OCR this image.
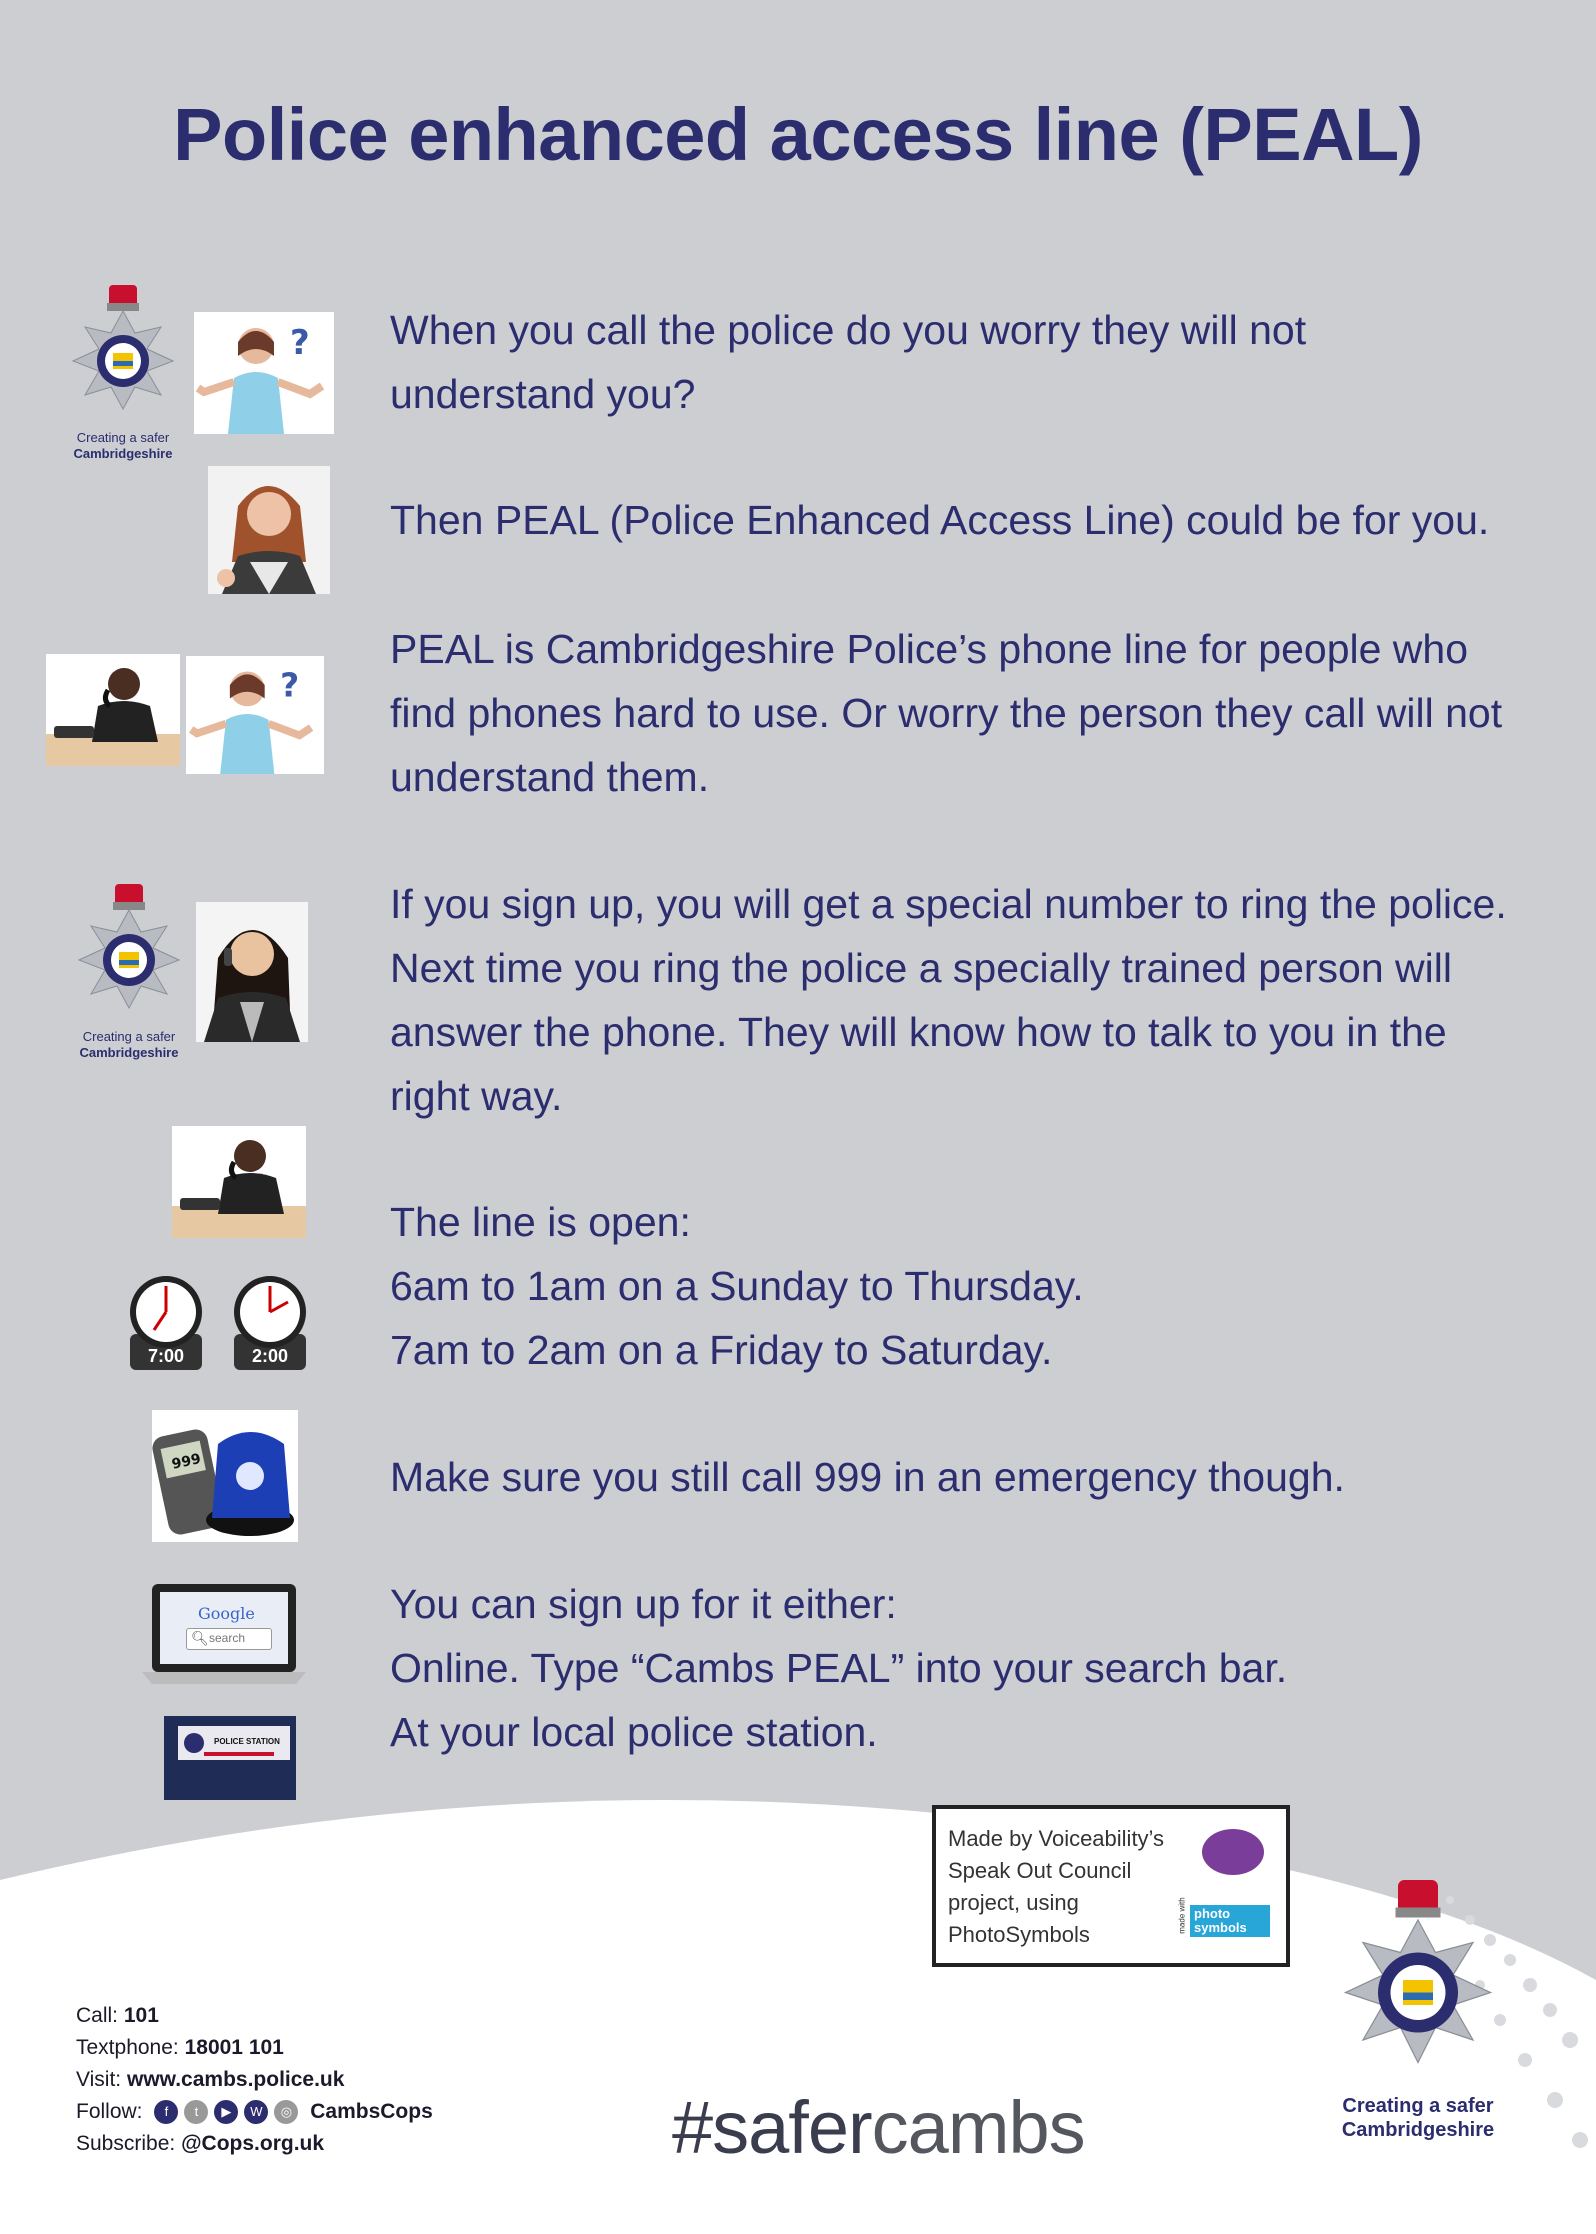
Police enhanced access line (PEAL)
Creating a safer
Cambridgeshire
? When you call the police do you worry they will not
understand you?
Then PEAL (Police Enhanced Access Line) could be for you.
?
PEAL is Cambridgeshire Police’s phone line for people who
find phones hard to use. Or worry the person they call will not
understand them.
Creating a safer
Cambridgeshire
If you sign up, you will get a special number to ring the police.
Next time you ring the police a specially trained person will
answer the phone. They will know how to talk to you in the
right way.
7:00	2:00
The line is open:
6am to 1am on a Sunday to Thursday.
7am to 2am on a Friday to Saturday.
999	Make sure you still call 999 in an emergency though.
Google
search
🔍︎
POLICE STATION
You can sign up for it either:
Online. Type “Cambs PEAL” into your search bar.
At your local police station.
Made by Voiceability’s
Speak Out Council
project, using
PhotoSymbols
made with photo symbols
Creating a safer
Cambridgeshire
Call: 101
Textphone: 18001 101
Visit: www.cambs.police.uk
Follow:	f	t	▶	W	◎ CambsCops
Subscribe: @Cops.org.uk	#safercambs
